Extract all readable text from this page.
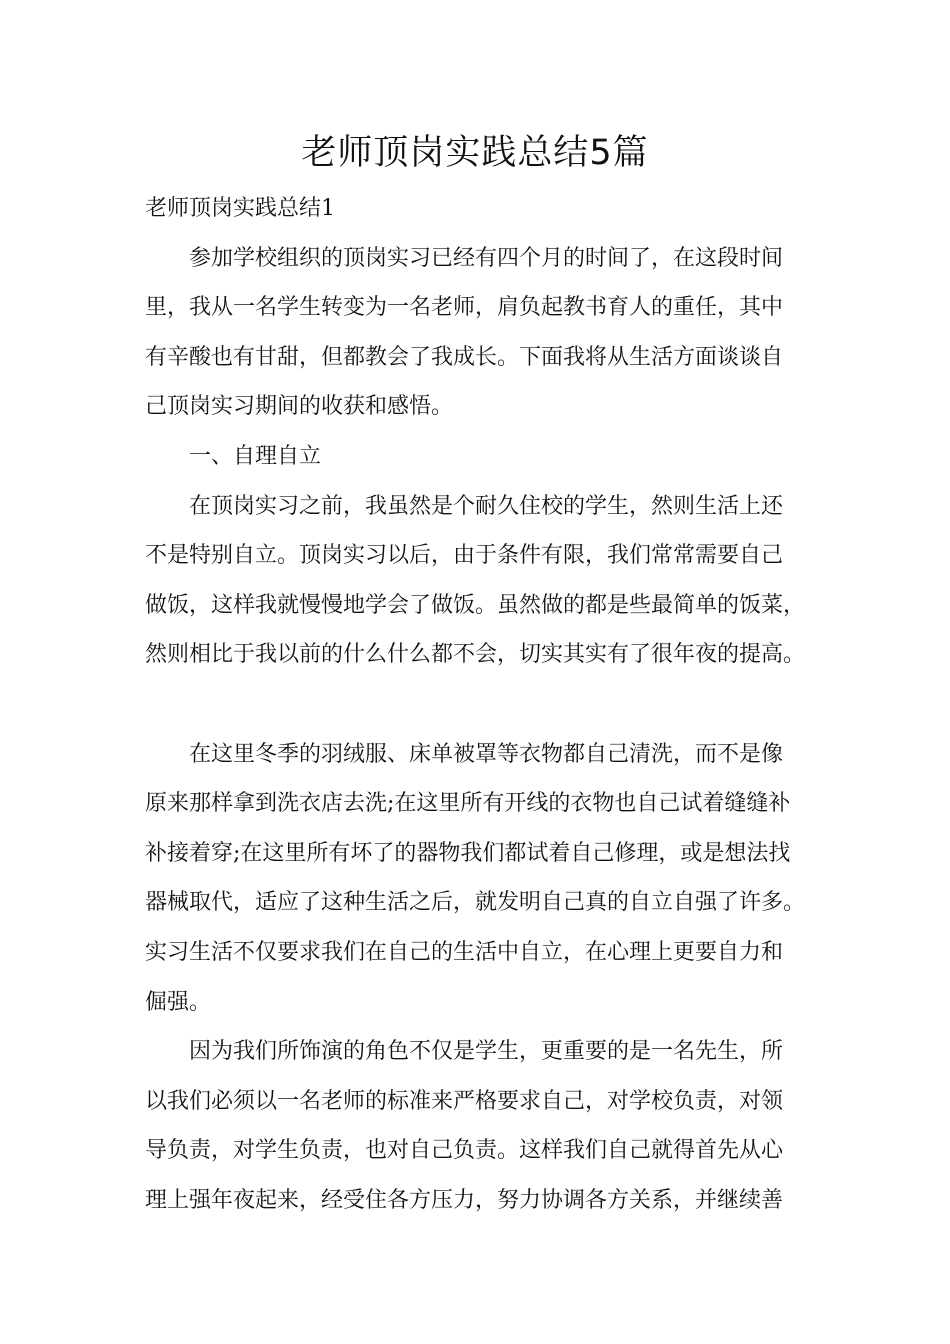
老师顶岗实践总结5篇
老师顶岗实践总结1
参加学校组织的顶岗实习已经有四个月的时间了，在这段时间
里，我从一名学生转变为一名老师，肩负起教书育人的重任，其中
有辛酸也有甘甜，但都教会了我成长。下面我将从生活方面谈谈自
己顶岗实习期间的收获和感悟。
一、自理自立
在顶岗实习之前，我虽然是个耐久住校的学生，然则生活上还
不是特别自立。顶岗实习以后，由于条件有限，我们常常需要自己
做饭，这样我就慢慢地学会了做饭。虽然做的都是些最简单的饭菜，
然则相比于我以前的什么什么都不会，切实其实有了很年夜的提高。
在这里冬季的羽绒服、床单被罩等衣物都自己清洗，而不是像
原来那样拿到洗衣店去洗;在这里所有开线的衣物也自己试着缝缝补
补接着穿;在这里所有坏了的器物我们都试着自己修理，或是想法找
器械取代，适应了这种生活之后，就发明自己真的自立自强了许多。
实习生活不仅要求我们在自己的生活中自立，在心理上更要自力和
倔强。
因为我们所饰演的角色不仅是学生，更重要的是一名先生，所
以我们必须以一名老师的标准来严格要求自己，对学校负责，对领
导负责，对学生负责，也对自己负责。这样我们自己就得首先从心
理上强年夜起来，经受住各方压力，努力协调各方关系，并继续善
